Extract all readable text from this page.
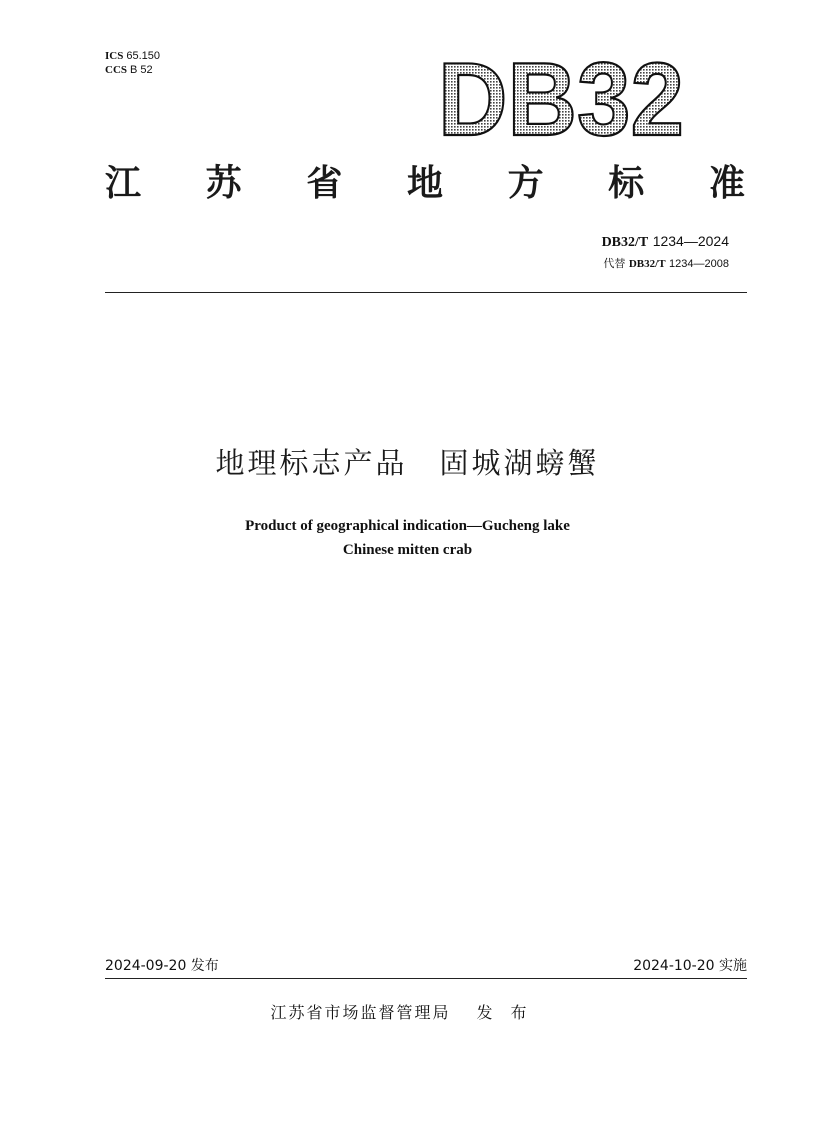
ICS 65.150
CCS B 52	DB32
江 苏 省 地 方 标 准
DB32/T 1234—2024
代替 DB32/T 1234—2008
地理标志产品　固城湖螃蟹
Product of geographical indication—Gucheng lake
Chinese mitten crab
2024-09-20 发布	2024-10-20 实施
江苏省市场监督管理局 发布
